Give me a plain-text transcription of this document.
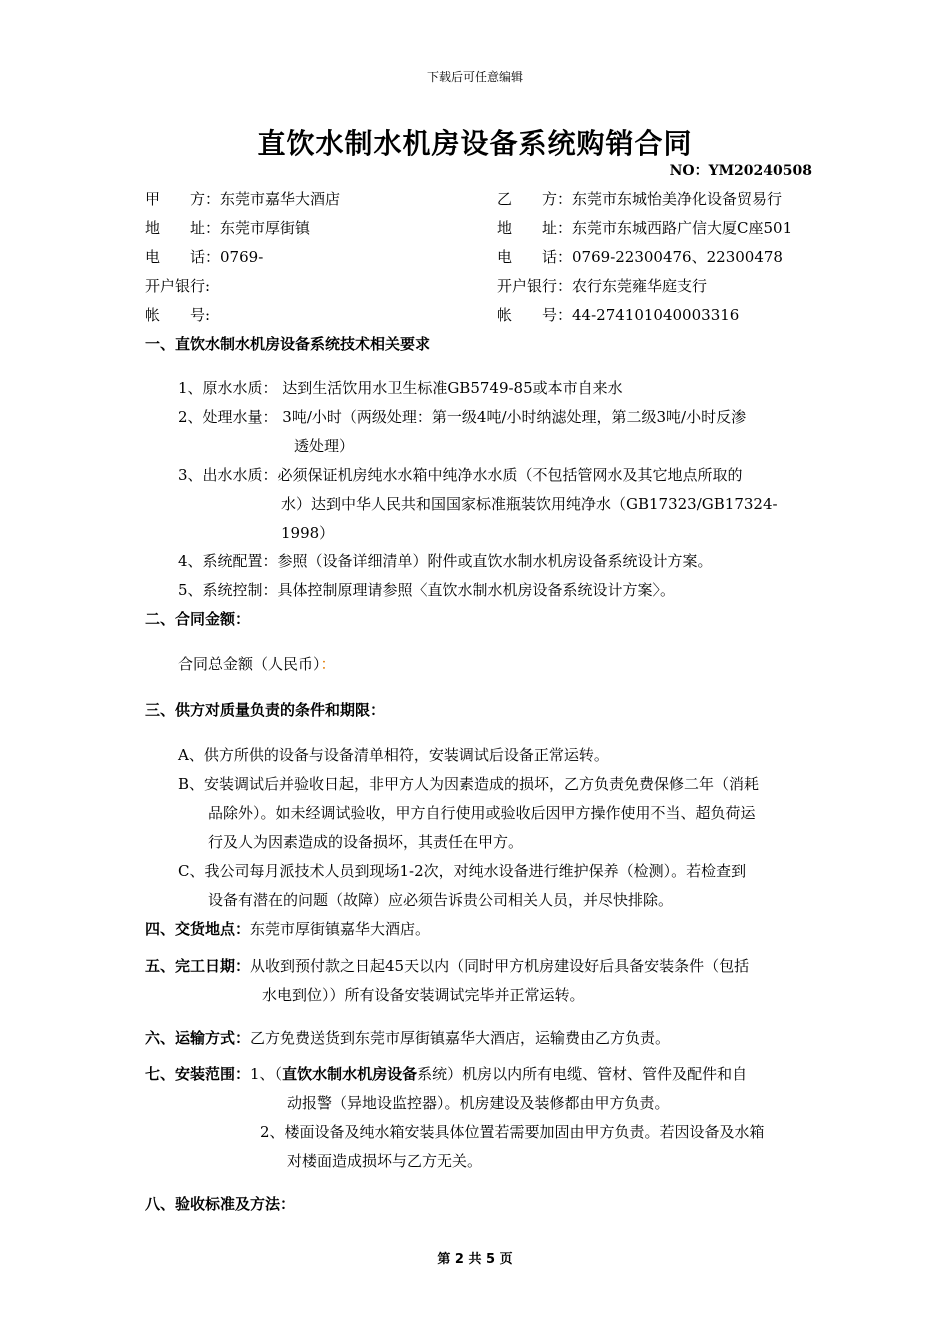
下载后可任意编辑
直饮水制水机房设备系统购销合同
NO：YM20240508
甲　　方：东莞市嘉华大酒店
地　　址：东莞市厚街镇
电　　话：0769-
开户银行:
帐　　号:
乙　　方：东莞市东城怡美净化设备贸易行
地　　址：东莞市东城西路广信大厦C座501
电　　话：0769-22300476、22300478
开户银行：农行东莞雍华庭支行
帐　　号：44-274101040003316
一、直饮水制水机房设备系统技术相关要求
1、原水水质： 达到生活饮用水卫生标准GB5749-85或本市自来水
2、处理水量： 3吨/小时（两级处理：第一级4吨/小时纳滤处理，第二级3吨/小时反渗
透处理）
3、出水水质：必须保证机房纯水水箱中纯净水水质（不包括管网水及其它地点所取的
水）达到中华人民共和国国家标准瓶装饮用纯净水（GB17323/GB17324-
1998）
4、系统配置：参照（设备详细清单）附件或直饮水制水机房设备系统设计方案。
5、系统控制：具体控制原理请参照〈直饮水制水机房设备系统设计方案〉。
二、合同金额：
合同总金额（人民币）：
三、供方对质量负责的条件和期限：
A、供方所供的设备与设备清单相符，安装调试后设备正常运转。
B、安装调试后并验收日起，非甲方人为因素造成的损坏，乙方负责免费保修二年（消耗
品除外）。如未经调试验收，甲方自行使用或验收后因甲方操作使用不当、超负荷运
行及人为因素造成的设备损坏，其责任在甲方。
C、我公司每月派技术人员到现场1-2次，对纯水设备进行维护保养（检测）。若检查到
设备有潜在的问题（故障）应必须告诉贵公司相关人员，并尽快排除。
四、交货地点：东莞市厚街镇嘉华大酒店。
五、完工日期：从收到预付款之日起45天以内（同时甲方机房建设好后具备安装条件（包括
水电到位））所有设备安装调试完毕并正常运转。
六、运输方式：乙方免费送货到东莞市厚街镇嘉华大酒店，运输费由乙方负责。
七、安装范围：1、（直饮水制水机房设备系统）机房以内所有电缆、管材、管件及配件和自
动报警（异地设监控器）。机房建设及装修都由甲方负责。
2、楼面设备及纯水箱安装具体位置若需要加固由甲方负责。若因设备及水箱
对楼面造成损坏与乙方无关。
八、验收标准及方法：
第 2 共 5 页
